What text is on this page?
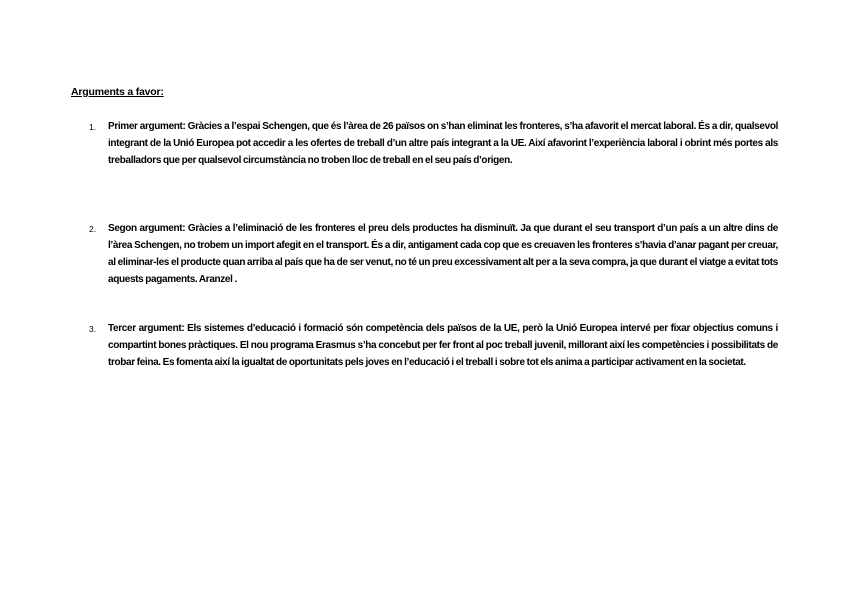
Arguments a favor:
1.	Primer argument: Gràcies a l’espai Schengen, que és l’àrea de 26 països on s’han eliminat les fronteres, s’ha afavorit el mercat laboral. És a dir, qualsevol integrant de la Unió Europea pot accedir a les ofertes de treball d’un altre país integrant a la UE. Així afavorint l’experiència laboral i obrint més portes als treballadors que per qualsevol circumstància no troben lloc de treball en el seu país d’origen.
2.	Segon argument: Gràcies a l’eliminació de les fronteres el preu dels productes ha disminuït. Ja que durant el seu transport d’un país a un altre dins de l’àrea Schengen, no trobem un import afegit en el transport. És a dir, antigament cada cop que es creuaven les fronteres s’havia d’anar pagant per creuar, al eliminar-les el producte quan arriba al país que ha de ser venut, no té un preu excessivament alt per a la seva compra, ja que durant el viatge a evitat tots aquests pagaments. Aranzel .
3.	Tercer argument: Els sistemes d’educació i formació són competència dels països de la UE, però la Unió Europea intervé per fixar objectius comuns i compartint bones pràctiques. El nou programa Erasmus s’ha concebut per fer front al poc treball juvenil, millorant així les competències i possibilitats de trobar feina. Es fomenta així la igualtat de oportunitats pels joves en l’educació i el treball i sobre tot els anima a participar activament en la societat.
